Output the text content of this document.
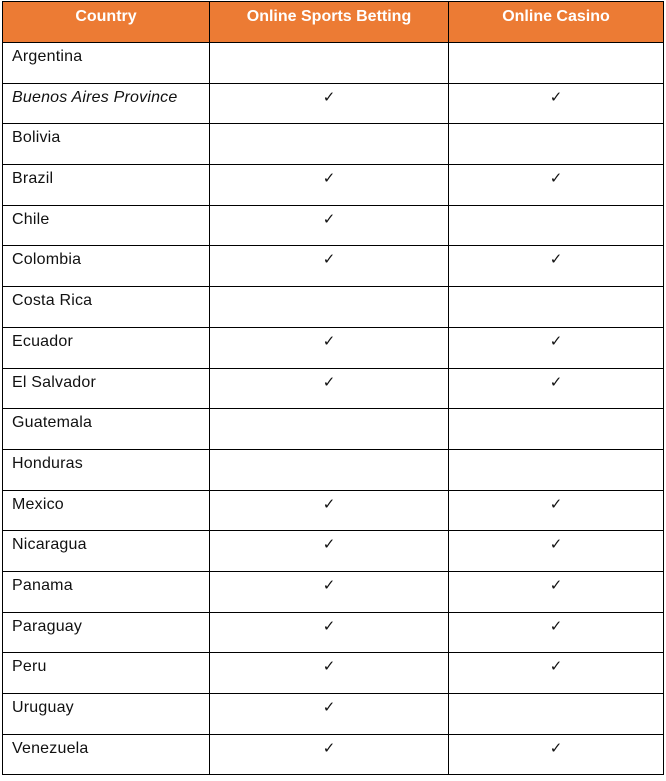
Country	Online Sports Betting	Online Casino
Argentina		
Buenos Aires Province	✓	✓
Bolivia		
Brazil	✓	✓
Chile	✓	
Colombia	✓	✓
Costa Rica		
Ecuador	✓	✓
El Salvador	✓	✓
Guatemala		
Honduras		
Mexico	✓	✓
Nicaragua	✓	✓
Panama	✓	✓
Paraguay	✓	✓
Peru	✓	✓
Uruguay	✓	
Venezuela	✓	✓
